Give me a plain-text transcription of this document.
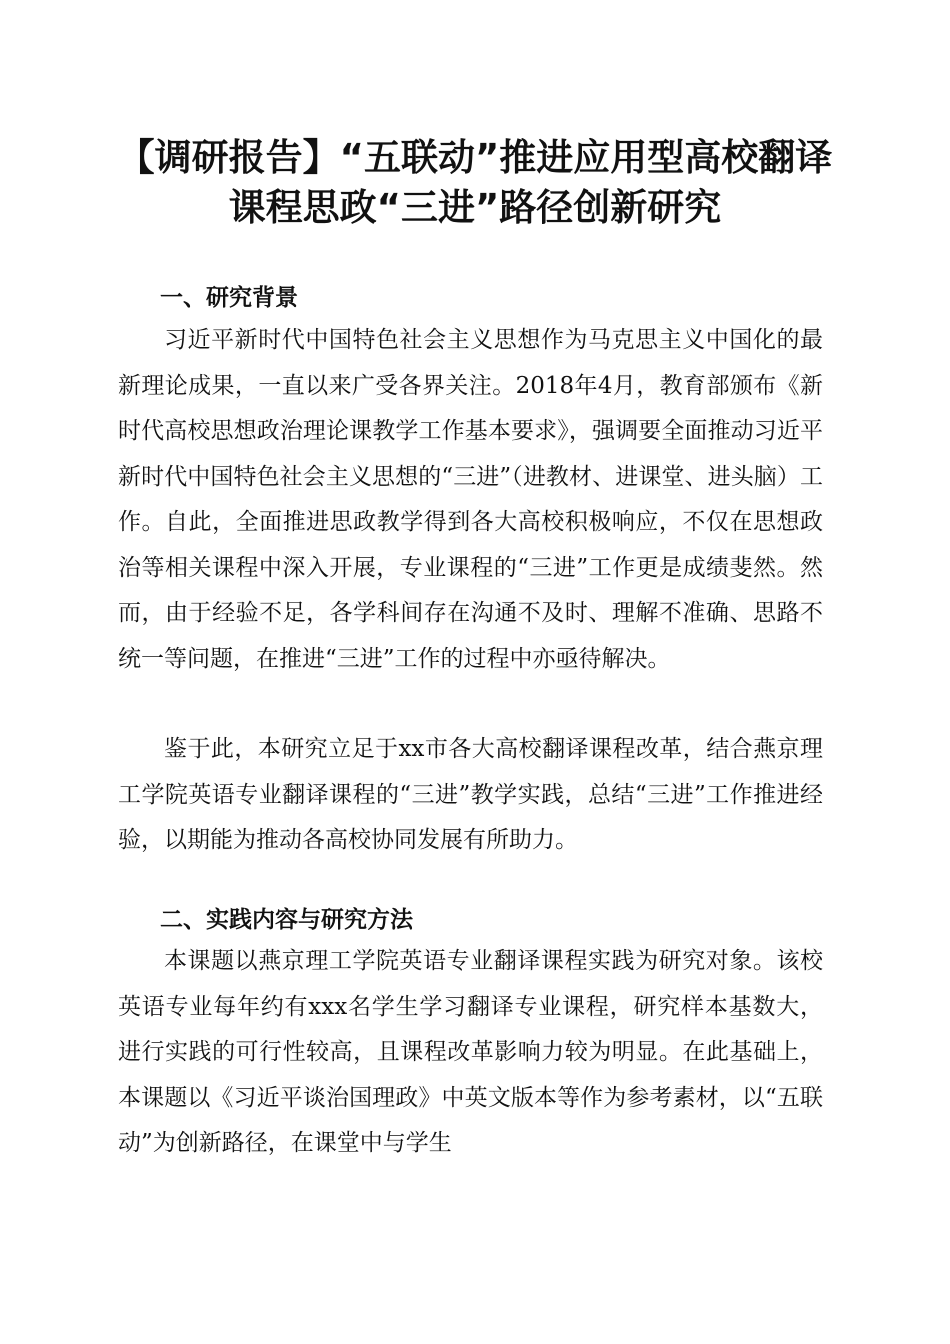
【调研报告】“五联动”推进应用型高校翻译
课程思政“三进”路径创新研究
一、研究背景

习近平新时代中国特色社会主义思想作为马克思主义中国化的最新理论成果，一直以来广受各界关注。2018年4月，教育部颁布《新时代高校思想政治理论课教学工作基本要求》，强调要全面推动习近平新时代中国特色社会主义思想的“三进”（进教材、进课堂、进头脑）工作。自此，全面推进思政教学得到各大高校积极响应，不仅在思想政治等相关课程中深入开展，专业课程的“三进”工作更是成绩斐然。然而，由于经验不足，各学科间存在沟通不及时、理解不准确、思路不统一等问题，在推进“三进”工作的过程中亦亟待解决。

鉴于此，本研究立足于xx市各大高校翻译课程改革，结合燕京理工学院英语专业翻译课程的“三进”教学实践，总结“三进”工作推进经验，以期能为推动各高校协同发展有所助力。

二、实践内容与研究方法

本课题以燕京理工学院英语专业翻译课程实践为研究对象。该校英语专业每年约有xxx名学生学习翻译专业课程，研究样本基数大，进行实践的可行性较高，且课程改革影响力较为明显。在此基础上，本课题以《习近平谈治国理政》中英文版本等作为参考素材，以“五联动”为创新路径，在课堂中与学生
